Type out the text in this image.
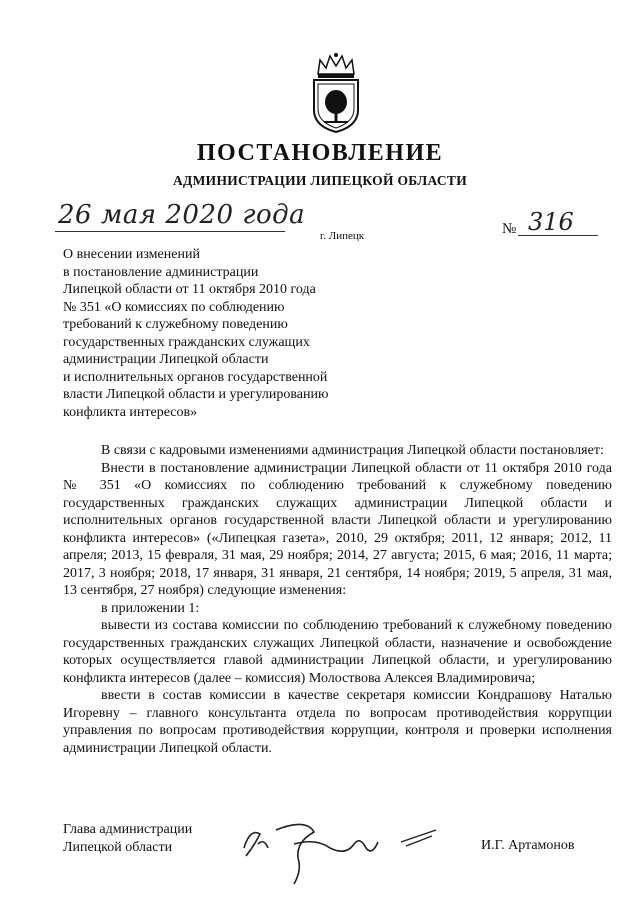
ПОСТАНОВЛЕНИЕ
АДМИНИСТРАЦИИ ЛИПЕЦКОЙ ОБЛАСТИ
26 мая 2020 года
г. Липецк	№ 316
О внесении изменений
в постановление администрации
Липецкой области от 11 октября 2010 года
№ 351 «О комиссиях по соблюдению
требований к служебному поведению
государственных гражданских служащих
администрации Липецкой области
и исполнительных органов государственной
власти Липецкой области и урегулированию
конфликта интересов»

В связи с кадровыми изменениями администрация Липецкой области постановляет:

Внести в постановление администрации Липецкой области от 11 октября 2010 года № 351 «О комиссиях по соблюдению требований к служебному поведению государственных гражданских служащих администрации Липецкой области и исполнительных органов государственной власти Липецкой области и урегулированию конфликта интересов» («Липецкая газета», 2010, 29 октября; 2011, 12 января; 2012, 11 апреля; 2013, 15 февраля, 31 мая, 29 ноября; 2014, 27 августа; 2015, 6 мая; 2016, 11 марта; 2017, 3 ноября; 2018, 17 января, 31 января, 21 сентября, 14 ноября; 2019, 5 апреля, 31 мая, 13 сентября, 27 ноября) следующие изменения:

в приложении 1:

вывести из состава комиссии по соблюдению требований к служебному поведению государственных гражданских служащих Липецкой области, назначение и освобождение которых осуществляется главой администрации Липецкой области, и урегулированию конфликта интересов (далее – комиссия) Молоствова Алексея Владимировича;

ввести в состав комиссии в качестве секретаря комиссии Кондрашову Наталью Игоревну – главного консультанта отдела по вопросам противодействия коррупции управления по вопросам противодействия коррупции, контроля и проверки исполнения администрации Липецкой области.

Глава администрации
Липецкой области	И.Г. Артамонов
